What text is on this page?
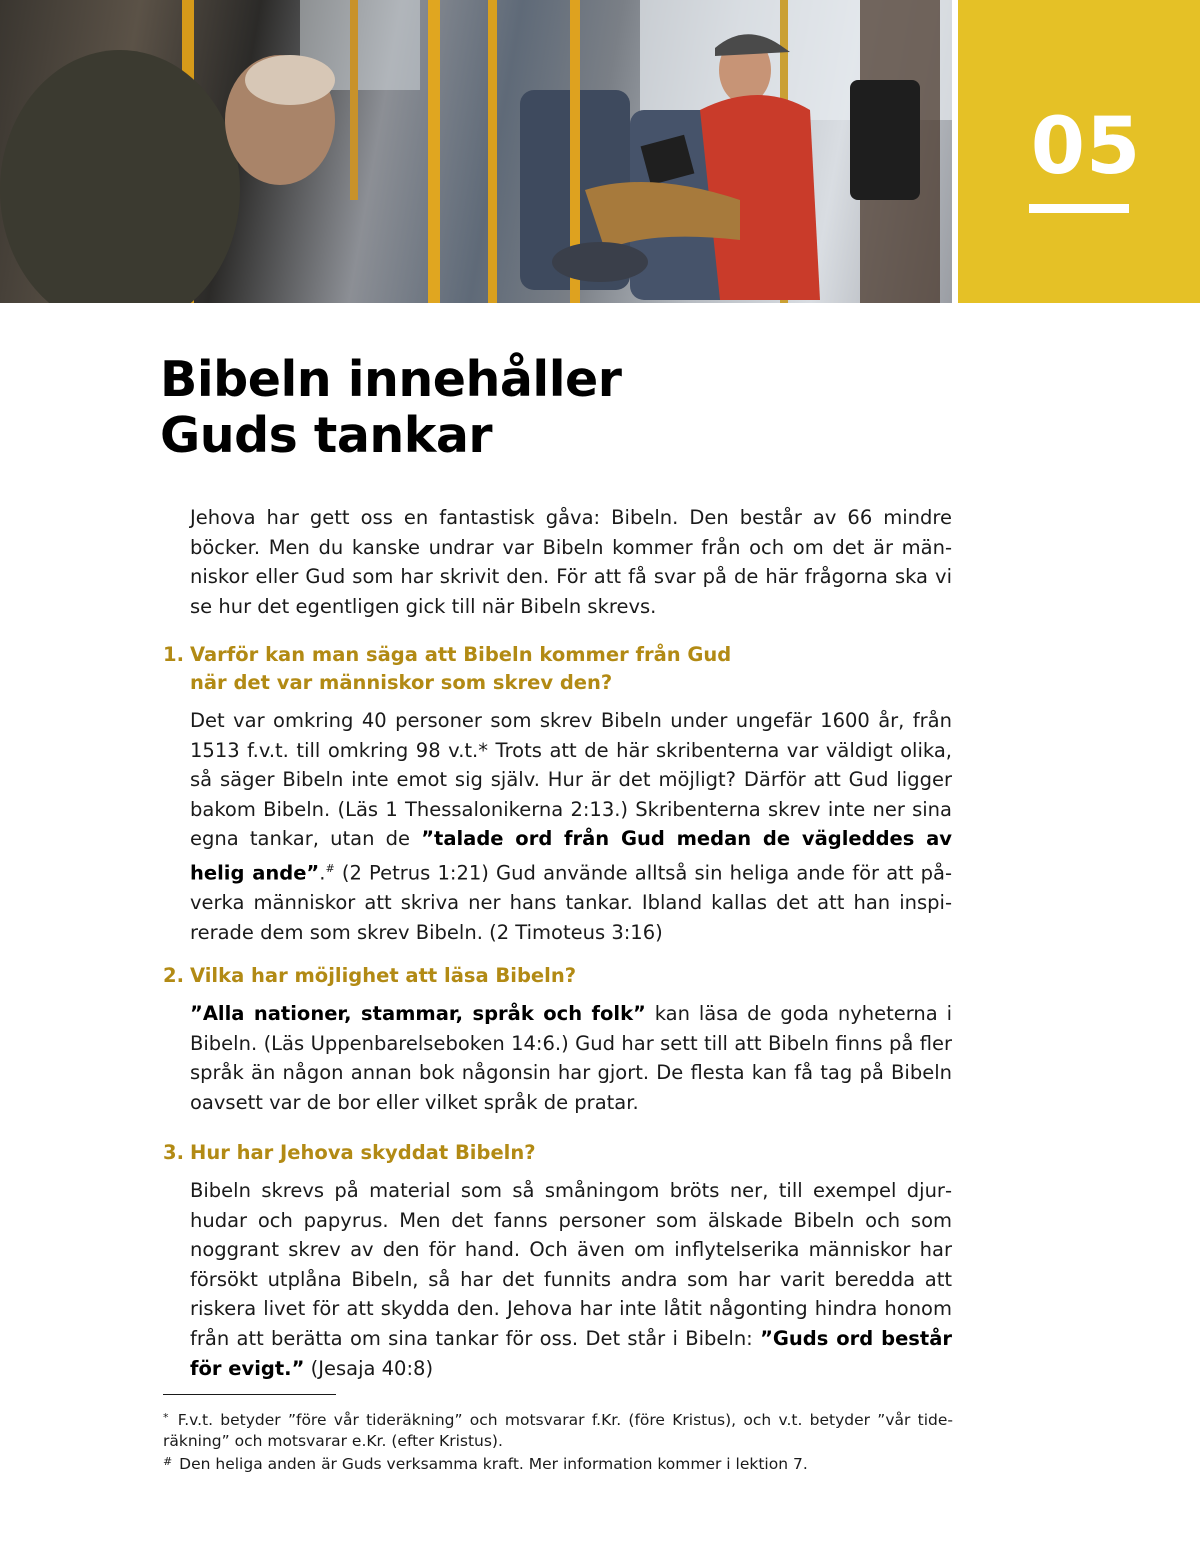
05
Bibeln innehåller
Guds tankar

Jehova har gett oss en fantastisk gåva: Bibeln. Den består av 66 mindre böcker. Men du kanske undrar var Bibeln kommer från och om det är människor eller Gud som har skrivit den. För att få svar på de här frågorna ska vi se hur det egentligen gick till när Bibeln skrevs.

1. Varför kan man säga att Bibeln kommer från Gud
när det var människor som skrev den?

Det var omkring 40 personer som skrev Bibeln under ungefär 1600 år, från 1513 f.v.t. till omkring 98 v.t.* Trots att de här skribenterna var väldigt olika, så säger Bibeln inte emot sig själv. Hur är det möjligt? Därför att Gud ligger bakom Bibeln. (Läs 1 Thessalonikerna 2:13.) Skribenterna skrev inte ner sina egna tankar, utan de ”talade ord från Gud medan de vägleddes av helig ande”.# (2 Petrus 1:21) Gud använde alltså sin heliga ande för att påverka människor att skriva ner hans tankar. Ibland kallas det att han inspirerade dem som skrev Bibeln. (2 Timoteus 3:16)

2. Vilka har möjlighet att läsa Bibeln?

”Alla nationer, stammar, språk och folk” kan läsa de goda nyheterna i Bibeln. (Läs Uppenbarelseboken 14:6.) Gud har sett till att Bibeln finns på fler språk än någon annan bok någonsin har gjort. De flesta kan få tag på Bibeln oavsett var de bor eller vilket språk de pratar.

3. Hur har Jehova skyddat Bibeln?

Bibeln skrevs på material som så småningom bröts ner, till exempel djurhudar och papyrus. Men det fanns personer som älskade Bibeln och som noggrant skrev av den för hand. Och även om inflytelserika människor har försökt utplåna Bibeln, så har det funnits andra som har varit beredda att riskera livet för att skydda den. Jehova har inte låtit någonting hindra honom från att berätta om sina tankar för oss. Det står i Bibeln: ”Guds ord består för evigt.” (Jesaja 40:8)

* F.v.t. betyder ”före vår tideräkning” och motsvarar f.Kr. (före Kristus), och v.t. betyder ”vår tideräkning” och motsvarar e.Kr. (efter Kristus).

# Den heliga anden är Guds verksamma kraft. Mer information kommer i lektion 7.
